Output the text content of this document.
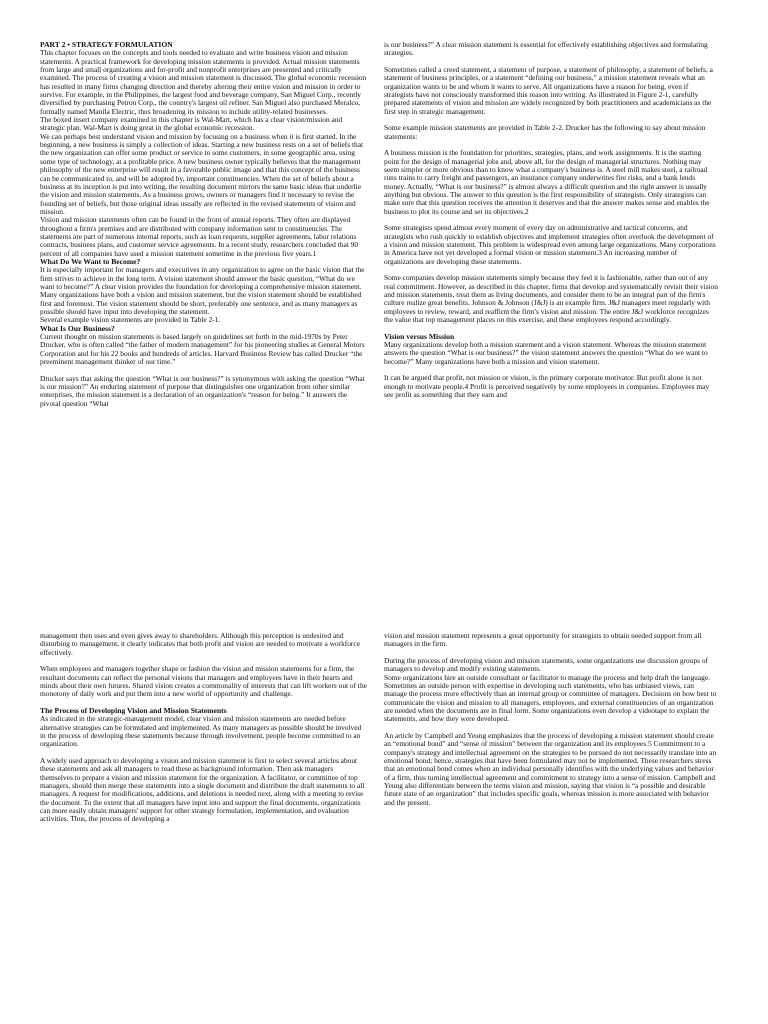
PART 2 • STRATEGY FORMULATION

This chapter focuses on the concepts and tools needed to evaluate and write business vision and mission statements. A practical framework for developing mission statements is provided. Actual mission statements from large and small organizations and for-profit and nonprofit enterprises are presented and critically examined. The process of creating a vision and mission statement is discussed. The global economic recession has resulted in many firms changing direction and thereby altering their entire vision and mission in order to survive. For example, in the Philippines, the largest food and beverage company, San Miguel Corp., recently diversified by purchasing Petron Corp., the country's largest oil refiner. San Miguel also purchased Meralco, formally named Manila Electric, thus broadening its mission to include utility-related businesses.

The boxed insert company examined in this chapter is Wal-Mart, which has a clear vision/mission and strategic plan. Wal-Mart is doing great in the global economic recession.

We can perhaps best understand vision and mission by focusing on a business when it is first started. In the beginning, a new business is simply a collection of ideas. Starting a new business rests on a set of beliefs that the new organization can offer some product or service to some customers, in some geographic area, using some type of technology, at a profitable price. A new business owner typically believes that the management philosophy of the new enterprise will result in a favorable public image and that this concept of the business can be communicated to, and will be adopted by, important constituencies. When the set of beliefs about a business at its inception is put into writing, the resulting document mirrors the same basic ideas that underlie the vision and mission statements. As a business grows, owners or managers find it necessary to revise the founding set of beliefs, but those original ideas usually are reflected in the revised statements of vision and mission.

Vision and mission statements often can be found in the front of annual reports. They often are displayed throughout a firm's premises and are distributed with company information sent to constituencies. The statements are part of numerous internal reports, such as loan requests, supplier agreements, labor relations contracts, business plans, and customer service agreements. In a recent study, researchers concluded that 90 percent of all companies have used a mission statement sometime in the previous five years.1

What Do We Want to Become?

It is especially important for managers and executives in any organization to agree on the basic vision that the firm strives to achieve in the long term. A vision statement should answer the basic question, “What do we want to become?” A clear vision provides the foundation for developing a comprehensive mission statement. Many organizations have both a vision and mission statement, but the vision statement should be established first and foremost. The vision statement should be short, preferably one sentence, and as many managers as possible should have input into developing the statement.

Several example vision statements are provided in Table 2-1.

What Is Our Business?

Current thought on mission statements is based largely on guidelines set forth in the mid-1970s by Peter Drucker, who is often called “the father of modern management” for his pioneering studies at General Motors Corporation and for his 22 books and hundreds of articles. Harvard Business Review has called Drucker “the preeminent management thinker of our time.”

Drucker says that asking the question “What is our business?” is synonymous with asking the question “What is our mission?” An enduring statement of purpose that distinguishes one organization from other similar enterprises, the mission statement is a declaration of an organization's “reason for being.” It answers the pivotal question “What

is our business?” A clear mission statement is essential for effectively establishing objectives and formulating strategies.

Sometimes called a creed statement, a statement of purpose, a statement of philosophy, a statement of beliefs, a statement of business principles, or a statement “defining our business,” a mission statement reveals what an organization wants to be and whom it wants to serve. All organizations have a reason for being, even if strategists have not consciously transformed this reason into writing. As illustrated in Figure 2-1, carefully prepared statements of vision and mission are widely recognized by both practitioners and academicians as the first step in strategic management.

Some example mission statements are provided in Table 2-2. Drucker has the following to say about mission statements:

A business mission is the foundation for priorities, strategies, plans, and work assignments. It is the starting point for the design of managerial jobs and, above all, for the design of managerial structures. Nothing may seem simpler or more obvious than to know what a company's business is. A steel mill makes steel, a railroad runs trains to carry freight and passengers, an insurance company underwrites fire risks, and a bank lends money. Actually, “What is our business?” is almost always a difficult question and the right answer is usually anything but obvious. The answer to this question is the first responsibility of strategists. Only strategists can make sure that this question receives the attention it deserves and that the answer makes sense and enables the business to plot its course and set its objectives.2

Some strategists spend almost every moment of every day on administrative and tactical concerns, and strategists who rush quickly to establish objectives and implement strategies often overlook the development of a vision and mission statement. This problem is widespread even among large organizations. Many corporations in America have not yet developed a formal vision or mission statement.3 An increasing number of organizations are developing these statements.

Some companies develop mission statements simply because they feel it is fashionable, rather than out of any real commitment. However, as described in this chapter, firms that develop and systematically revisit their vision and mission statements, treat them as living documents, and consider them to be an integral part of the firm's culture realize great benefits. Johnson & Johnson (J&J) is an example firm. J&J managers meet regularly with employees to review, reward, and reaffirm the firm's vision and mission. The entire J&J workforce recognizes the value that top management places on this exercise, and these employees respond accordingly.

Vision versus Mission

Many organizations develop both a mission statement and a vision statement. Whereas the mission statement answers the question “What is our business?” the vision statement answers the question “What do we want to become?” Many organizations have both a mission and vision statement.

It can be argued that profit, not mission or vision, is the primary corporate motivator. But profit alone is not enough to motivate people.4 Profit is perceived negatively by some employees in companies. Employees may see profit as something that they earn and

management then uses and even gives away to shareholders. Although this perception is undesired and disturbing to management, it clearly indicates that both profit and vision are needed to motivate a workforce effectively.

When employees and managers together shape or fashion the vision and mission statements for a firm, the resultant documents can reflect the personal visions that managers and employees have in their hearts and minds about their own futures. Shared vision creates a commonality of interests that can lift workers out of the monotony of daily work and put them into a new world of opportunity and challenge.

The Process of Developing Vision and Mission Statements

As indicated in the strategic-management model, clear vision and mission statements are needed before alternative strategies can be formulated and implemented. As many managers as possible should be involved in the process of developing these statements because through involvement, people become committed to an organization.

A widely used approach to developing a vision and mission statement is first to select several articles about these statements and ask all managers to read these as background information. Then ask managers themselves to prepare a vision and mission statement for the organization. A facilitator, or committee of top managers, should then merge these statements into a single document and distribute the draft statements to all managers. A request for modifications, additions, and deletions is needed next, along with a meeting to revise the document. To the extent that all managers have input into and support the final documents, organizations can more easily obtain managers' support for other strategy formulation, implementation, and evaluation activities. Thus, the process of developing a

vision and mission statement represents a great opportunity for strategists to obtain needed support from all managers in the firm.

During the process of developing vision and mission statements, some organizations use discussion groups of managers to develop and modify existing statements.

Some organizations hire an outside consultant or facilitator to manage the process and help draft the language. Sometimes an outside person with expertise in developing such statements, who has unbiased views, can manage the process more effectively than an internal group or committee of managers. Decisions on how best to communicate the vision and mission to all managers, employees, and external constituencies of an organization are needed when the documents are in final form. Some organizations even develop a videotape to explain the statements, and how they were developed.

An article by Campbell and Yeung emphasizes that the process of developing a mission statement should create an “emotional bond” and “sense of mission” between the organization and its employees.5 Commitment to a company's strategy and intellectual agreement on the strategies to be pursued do not necessarily translate into an emotional bond; hence, strategies that have been formulated may not be implemented. These researchers stress that an emotional bond comes when an individual personally identifies with the underlying values and behavior of a firm, thus turning intellectual agreement and commitment to strategy into a sense of mission. Campbell and Yeung also differentiate between the terms vision and mission, saying that vision is “a possible and desirable future state of an organization” that includes specific goals, whereas mission is more associated with behavior and the present.
